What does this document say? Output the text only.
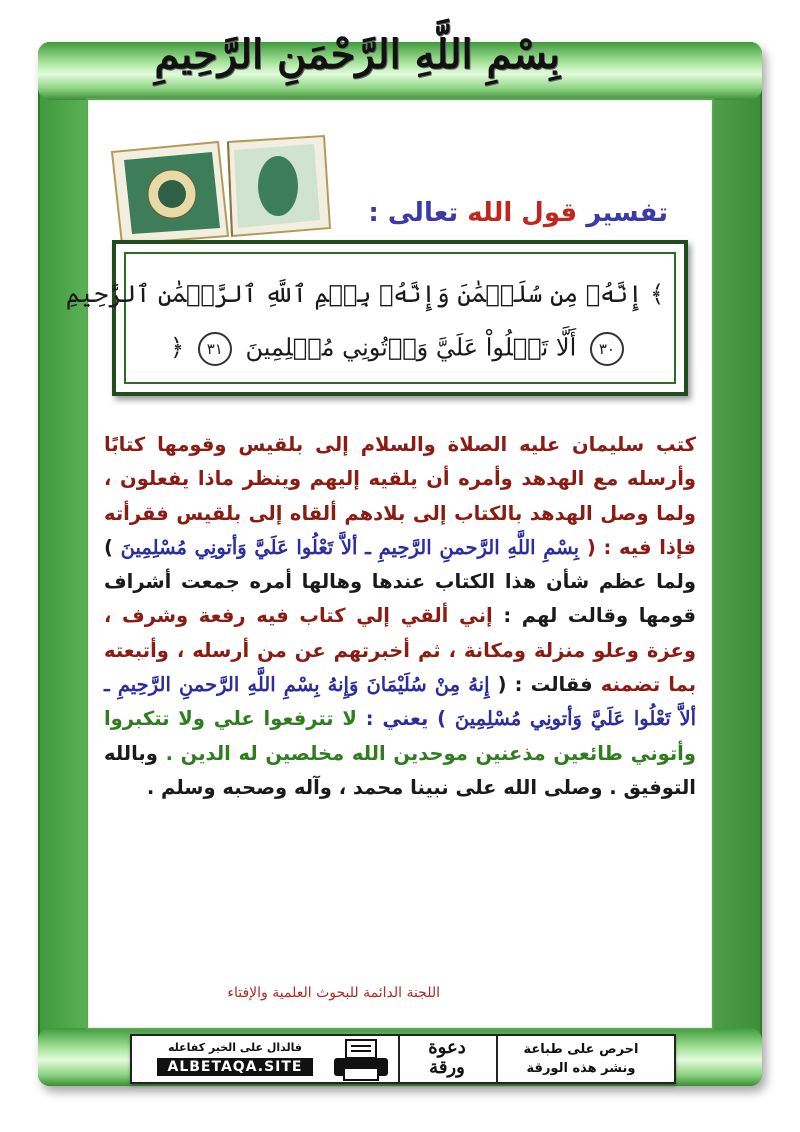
بِسْمِ اللَّهِ الرَّحْمَنِ الرَّحِيمِ
تفسير قول الله تعالى :
﴾ إِنَّهُۥ مِن سُلَيۡمَٰنَ وَإِنَّهُۥ بِسۡمِ ٱللَّهِ ٱلرَّحۡمَٰنِ ٱلرَّحِيمِ
٣٠ أَلَّا تَعۡلُواْ عَلَيَّ وَأۡتُونِي مُسۡلِمِينَ ٣١ ﴿
كتب سليمان عليه الصلاة والسلام إلى بلقيس وقومها كتابًا وأرسله مع الهدهد وأمره أن يلقيه إليهم وينظر ماذا يفعلون ، ولما وصل الهدهد بالكتاب إلى بلادهم ألقاه إلى بلقيس فقرأته فإذا فيه : ( بِسْمِ اللَّهِ الرَّحمنِ الرَّحِيمِ ـ ألاَّ تَعْلُوا عَلَيَّ وَأتونِي مُسْلِمِينَ ) ولما عظم شأن هذا الكتاب عندها وهالها أمره جمعت أشراف قومها وقالت لهم : إني ألقي إلي كتاب فيه رفعة وشرف ، وعزة وعلو منزلة ومكانة ، ثم أخبرتهم عن من أرسله ، وأتبعته بما تضمنه فقالت : ( إِنهُ مِنْ سُلَيْمَانَ وَإِنهُ بِسْمِ اللَّهِ الرَّحمنِ الرَّحِيمِ ـ ألاَّ تَعْلُوا عَلَيَّ وَأتونِي مُسْلِمِينَ ) يعني : لا تترفعوا علي ولا تتكبروا وأتوني طائعين مذعنين موحدين الله مخلصين له الدين . وبالله التوفيق . وصلى الله على نبينا محمد ، وآله وصحبه وسلم .
اللجنة الدائمة للبحوث العلمية والإفتاء
فالدال على الخير كفاعله
ALBETAQA.SITE
دعوة
ورقة
احرص على طباعة
ونشر هذه الورقة
